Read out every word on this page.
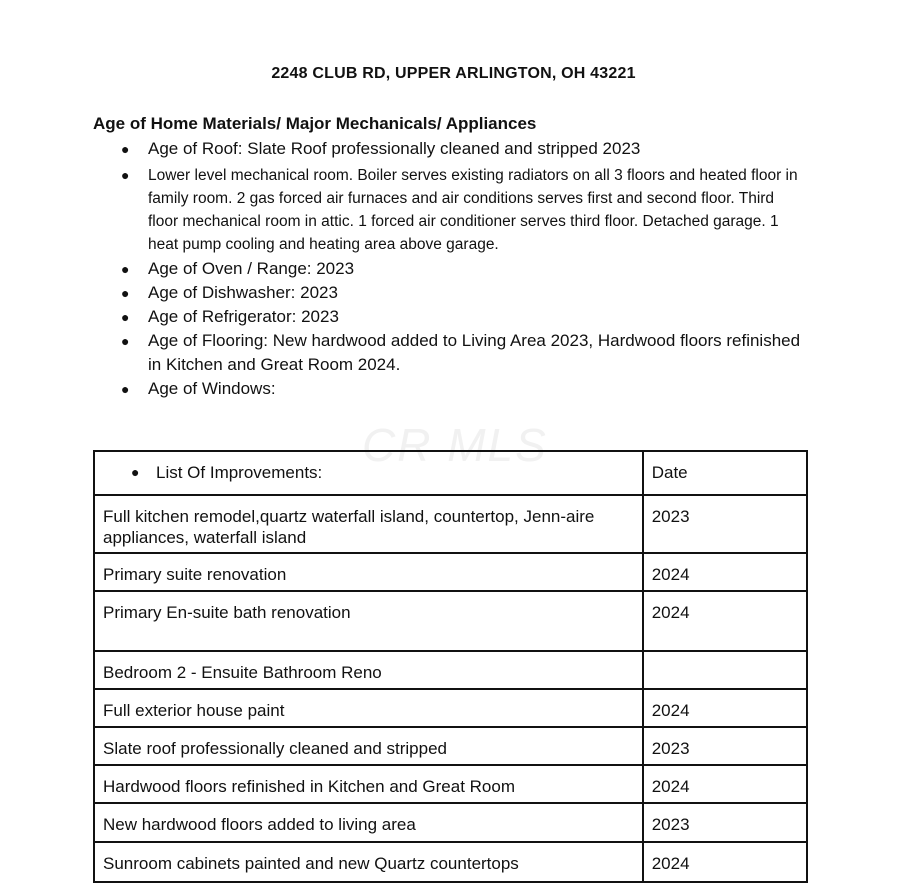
2248 CLUB RD, UPPER ARLINGTON, OH 43221
Age of Home Materials/ Major Mechanicals/ Appliances
● Age of Roof: Slate Roof professionally cleaned and stripped 2023
● Lower level mechanical room. Boiler serves existing radiators on all 3 floors and heated floor in family room. 2 gas forced air furnaces and air conditions serves first and second floor. Third floor mechanical room in attic. 1 forced air conditioner serves third floor. Detached garage. 1 heat pump cooling and heating area above garage.
● Age of Oven / Range: 2023
● Age of Dishwasher: 2023
● Age of Refrigerator: 2023
● Age of Flooring: New hardwood added to Living Area 2023, Hardwood floors refinished in Kitchen and Great Room 2024.
● Age of Windows:
CR MLS
● List Of Improvements:	Date
Full kitchen remodel,quartz waterfall island, countertop, Jenn-aire appliances, waterfall island	2023
Primary suite renovation	2024
Primary En-suite bath renovation	2024
Bedroom 2 - Ensuite Bathroom Reno	
Full exterior house paint	2024
Slate roof professionally cleaned and stripped	2023
Hardwood floors refinished in Kitchen and Great Room	2024
New hardwood floors added to living area	2023
Sunroom cabinets painted and new Quartz countertops	2024
